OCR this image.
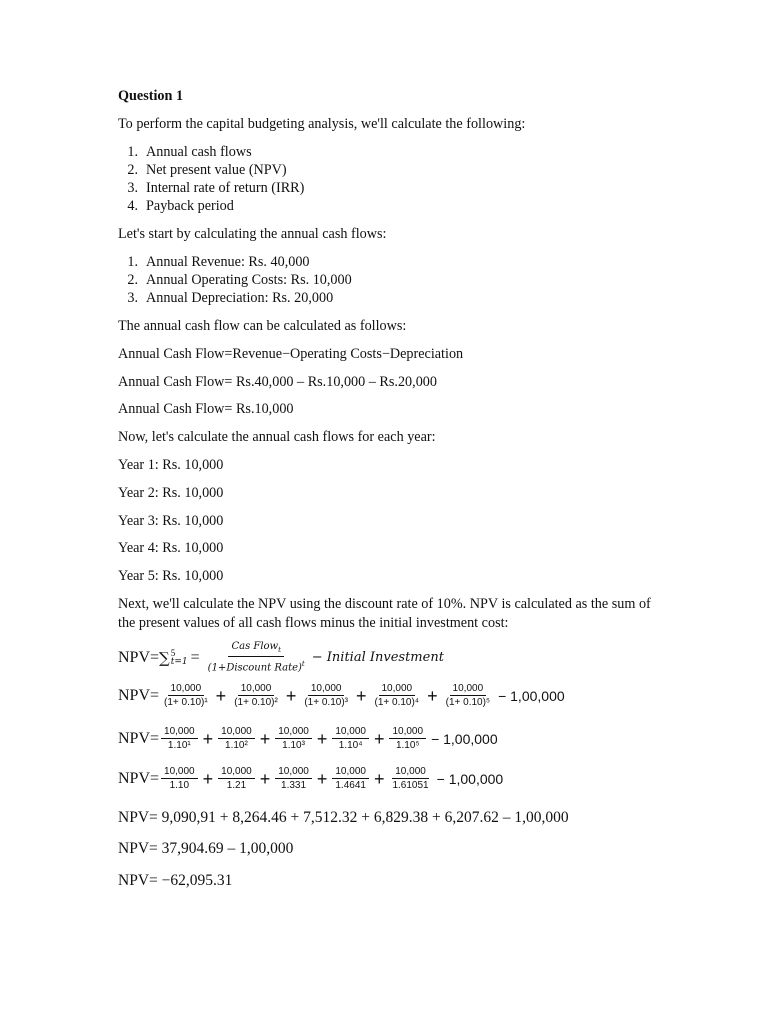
Question 1
To perform the capital budgeting analysis, we'll calculate the following:
1. Annual cash flows
2. Net present value (NPV)
3. Internal rate of return (IRR)
4. Payback period
Let's start by calculating the annual cash flows:
1. Annual Revenue: Rs. 40,000
2. Annual Operating Costs: Rs. 10,000
3. Annual Depreciation: Rs. 20,000
The annual cash flow can be calculated as follows:
Annual Cash Flow=Revenue−Operating Costs−Depreciation
Annual Cash Flow= Rs.40,000 – Rs.10,000 – Rs.20,000
Annual Cash Flow= Rs.10,000
Now, let's calculate the annual cash flows for each year:
Year 1: Rs. 10,000
Year 2: Rs. 10,000
Year 3: Rs. 10,000
Year 4: Rs. 10,000
Year 5: Rs. 10,000
Next, we'll calculate the NPV using the discount rate of 10%. NPV is calculated as the sum of
the present values of all cash flows minus the initial investment cost:
NPV= ∑ 5
$t=1 = \frac{Cas Flow_t}{(1+Discount Rate)^t}$ − Initial Investment
$NPV= \frac{10,000}{\text{(1+ 0.10)¹}} + \frac{10,000}{\text{(1+ 0.10)²}} + \frac{10,000}{\text{(1+ 0.10)³}} + \frac{10,000}{\text{(1+ 0.10)⁴}} + \frac{10,000}{\text{(1+ 0.10)⁵}} - 1,00,000$
$NPV= \frac{10,000}{\text{1.10¹}} + \frac{10,000}{\text{1.10²}} + \frac{10,000}{\text{1.10³}} + \frac{10,000}{\text{1.10⁴}} + \frac{10,000}{\text{1.10⁵}} - 1,00,000$
$NPV= \frac{10,000}{1.10} + \frac{10,000}{1.21} + \frac{10,000}{1.331} + \frac{10,000}{1.4641} + \frac{10,000}{1.61051} - 1,00,000$
NPV= 9,090,91 + 8,264.46 + 7,512.32 + 6,829.38 + 6,207.62 – 1,00,000
NPV= 37,904.69 – 1,00,000
NPV= −62,095.31
